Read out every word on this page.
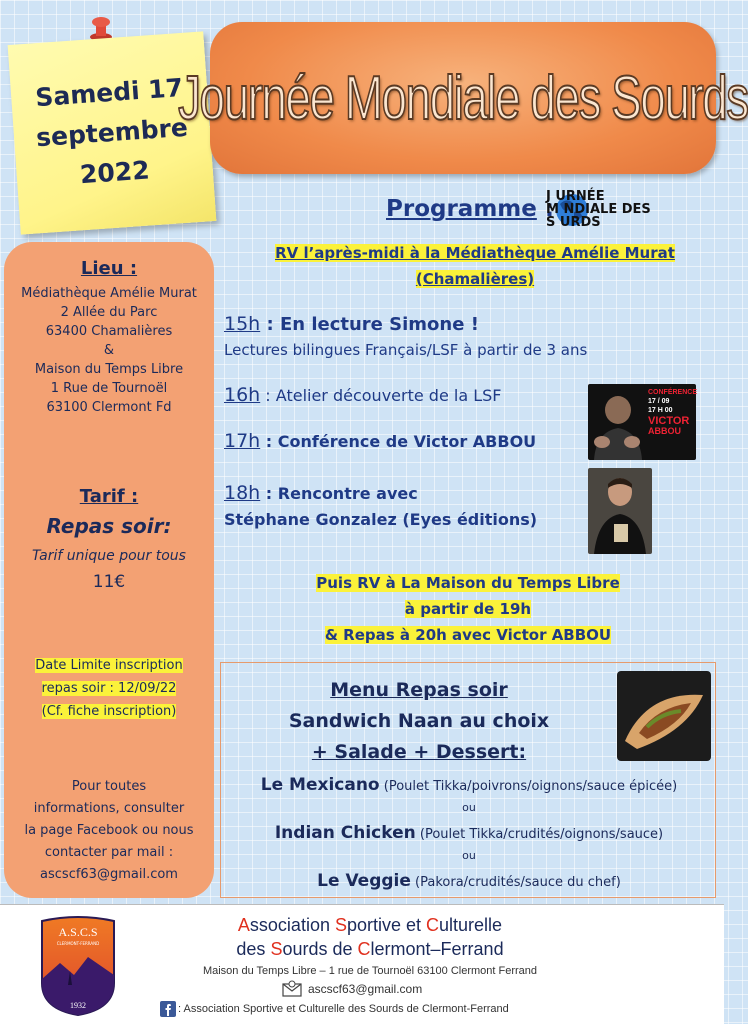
Samedi 17
septembre
2022
Journée Mondiale des Sourds
Lieu :
Médiathèque Amélie Murat
2 Allée du Parc
63400 Chamalières
&
Maison du Temps Libre
1 Rue de Tournoël
63100 Clermont Fd
Tarif :
Repas soir:
Tarif unique pour tous
11€
Date Limite inscription
repas soir : 12/09/22
(Cf. fiche inscription)
Pour toutes
informations, consulter
la page Facebook ou nous
contacter par mail :
ascscf63@gmail.com
Programme :
J URNÉE
M NDIALE DES
S URDS
RV l’après-midi à la Médiathèque Amélie Murat
(Chamalières)
15h : En lecture Simone !
Lectures bilingues Français/LSF à partir de 3 ans
16h : Atelier découverte de la LSF
17h : Conférence de Victor ABBOU
18h : Rencontre avec
Stéphane Gonzalez (Eyes éditions)
CONFÉRENCE
17 / 09
17 H 00
VICTOR
ABBOU
Puis RV à La Maison du Temps Libre
à partir de 19h
& Repas à 20h avec Victor ABBOU
Menu Repas soir
Sandwich Naan au choix
+ Salade + Dessert:
Le Mexicano (Poulet Tikka/poivrons/oignons/sauce épicée)
ou
Indian Chicken (Poulet Tikka/crudités/oignons/sauce)
ou
Le Veggie (Pakora/crudités/sauce du chef)
A.S.C.S
CLERMONT-FERRAND
1932
Association Sportive et Culturelle
des Sourds de Clermont–Ferrand
Maison du Temps Libre – 1 rue de Tournoël 63100 Clermont Ferrand
ascscf63@gmail.com
: Association Sportive et Culturelle des Sourds de Clermont-Ferrand
